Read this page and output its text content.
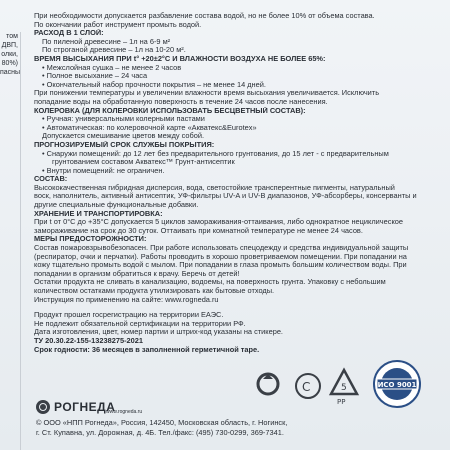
том
ДВП,
олки,
80%)
пасны
При необходимости допускается разбавление состава водой, но не более 10% от объема состава.
По окончании работ инструмент промыть водой.
РАСХОД В 1 СЛОЙ:
По пиленой древесине – 1л на 6-9 м²
По строганой древесине – 1л на 10-20 м².
ВРЕМЯ ВЫСЫХАНИЯ ПРИ t° +20±2°С И ВЛАЖНОСТИ ВОЗДУХА НЕ БОЛЕЕ 65%:
• Межслойная сушка – не менее 2 часов
• Полное высыхание – 24 часа
• Окончательный набор прочности покрытия – не менее 14 дней.
При понижении температуры и увеличении влажности время высыхания увеличивается. Исключить
попадание воды на обработанную поверхность в течение 24 часов после нанесения.
КОЛЕРОВКА (ДЛЯ КОЛЕРОВКИ ИСПОЛЬЗОВАТЬ БЕСЦВЕТНЫЙ СОСТАВ):
• Ручная: универсальными колерными пастами
• Автоматическая: по колеровочной карте «Акватекс&Eurotex»
Допускается смешивание цветов между собой.
ПРОГНОЗИРУЕМЫЙ СРОК СЛУЖБЫ ПОКРЫТИЯ:
• Снаружи помещений: до 12 лет без предварительного грунтования, до 15 лет - с предварительным
грунтованием составом Акватекс™ Грунт-антисептик
• Внутри помещений: не ограничен.
СОСТАВ:
Высококачественная гибридная дисперсия, вода, светостойкие трансперентные пигменты, натуральный
воск, наполнитель, активный антисептик, УФ-фильтры UV-A и UV-B диапазонов, УФ-абсорберы, консерванты и
другие специальные функциональные добавки.
ХРАНЕНИЕ И ТРАНСПОРТИРОВКА:
При t от 0°С до +35°С допускается 5 циклов замораживания-оттаивания, либо однократное нециклическое
замораживание на срок до 30 суток. Оттаивать при комнатной температуре не менее 24 часов.
МЕРЫ ПРЕДОСТОРОЖНОСТИ:
Состав пожаровзрывобезопасен. При работе использовать спецодежду и средства индивидуальной защиты
(респиратор, очки и перчатки). Работы проводить в хорошо проветриваемом помещении. При попадании на
кожу тщательно промыть водой с мылом. При попадании в глаза промыть большим количеством воды. При
попадании в организм обратиться к врачу. Беречь от детей!
Остатки продукта не сливать в канализацию, водоемы, на поверхность грунта. Упаковку с небольшим
количеством остатками продукта утилизировать как бытовые отходы.
Инструкция по применению на сайте: www.rogneda.ru
Продукт прошел госрегистрацию на территории ЕАЭС.
Не подлежит обязательной сертификации на территории РФ.
Дата изготовления, цвет, номер партии и штрих-код указаны на стикере.
ТУ 20.30.22-155-13238275-2021
Срок годности: 36 месяцев в заполненной герметичной таре.
РОГНЕДА
www.rogneda.ru
© ООО «НПП Рогнеда», Россия, 142450, Московская область, г. Ногинск,
г. Ст. Купавна, ул. Дорожная, д. 4Б. Тел./факс: (495) 730-0299, 369-7341.
С	5
PP
ИСО 9001
